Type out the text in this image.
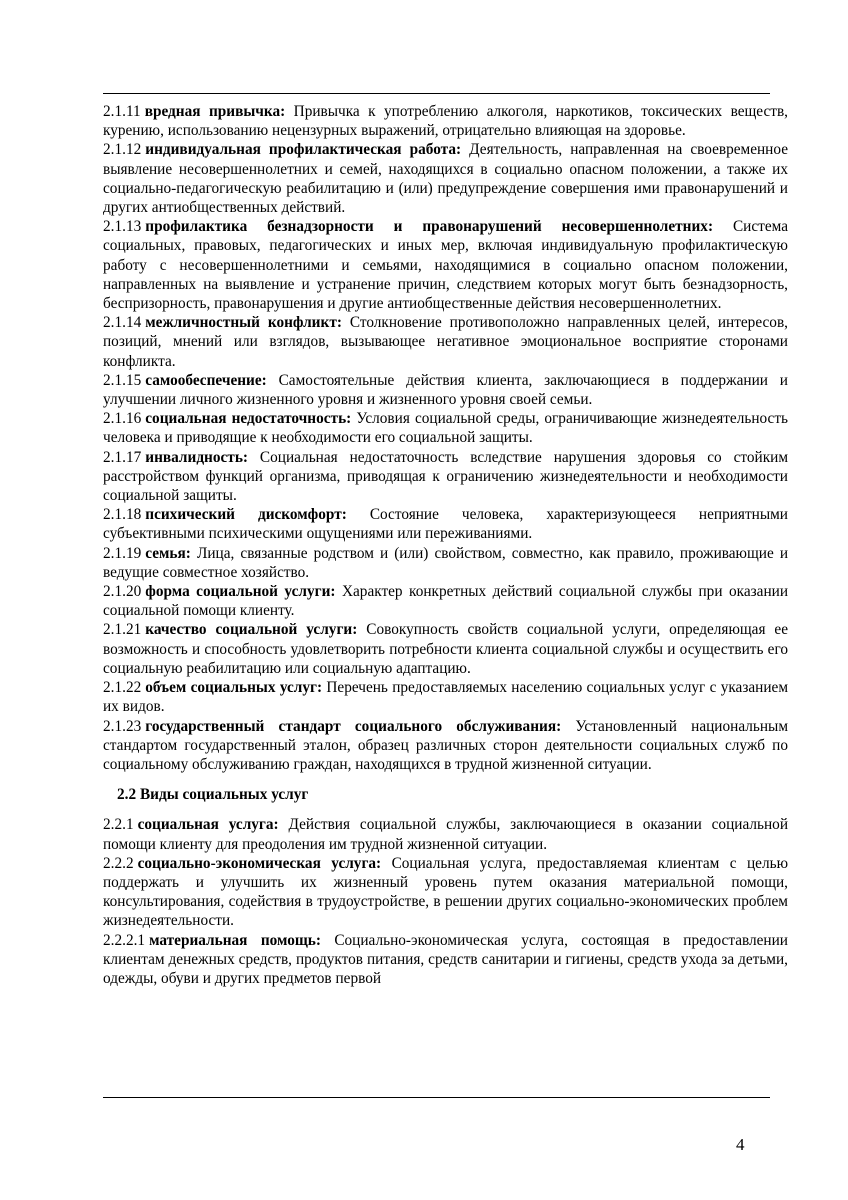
2.1.11 вредная привычка: Привычка к употреблению алкоголя, наркотиков, токсических веществ, курению, использованию нецензурных выражений, отрицательно влияющая на здоровье.
2.1.12 индивидуальная профилактическая работа: Деятельность, направленная на своевременное выявление несовершеннолетних и семей, находящихся в социально опасном положении, а также их социально-педагогическую реабилитацию и (или) предупреждение совершения ими правонарушений и других антиобщественных действий.
2.1.13 профилактика безнадзорности и правонарушений несовершеннолетних: Система социальных, правовых, педагогических и иных мер, включая индивидуальную профилактическую работу с несовершеннолетними и семьями, находящимися в социально опасном положении, направленных на выявление и устранение причин, следствием которых могут быть безнадзорность, беспризорность, правонарушения и другие антиобщественные действия несовершеннолетних.
2.1.14 межличностный конфликт: Столкновение противоположно направленных целей, интересов, позиций, мнений или взглядов, вызывающее негативное эмоциональное восприятие сторонами конфликта.
2.1.15 самообеспечение: Самостоятельные действия клиента, заключающиеся в поддержании и улучшении личного жизненного уровня и жизненного уровня своей семьи.
2.1.16 социальная недостаточность: Условия социальной среды, ограничивающие жизнедеятельность человека и приводящие к необходимости его социальной защиты.
2.1.17 инвалидность: Социальная недостаточность вследствие нарушения здоровья со стойким расстройством функций организма, приводящая к ограничению жизнедеятельности и необходимости социальной защиты.
2.1.18 психический дискомфорт: Состояние человека, характеризующееся неприятными субъективными психическими ощущениями или переживаниями.
2.1.19 семья: Лица, связанные родством и (или) свойством, совместно, как правило, проживающие и ведущие совместное хозяйство.
2.1.20 форма социальной услуги: Характер конкретных действий социальной службы при оказании социальной помощи клиенту.
2.1.21 качество социальной услуги: Совокупность свойств социальной услуги, определяющая ее возможность и способность удовлетворить потребности клиента социальной службы и осуществить его социальную реабилитацию или социальную адаптацию.
2.1.22 объем социальных услуг: Перечень предоставляемых населению социальных услуг с указанием их видов.
2.1.23 государственный стандарт социального обслуживания: Установленный национальным стандартом государственный эталон, образец различных сторон деятельности социальных служб по социальному обслуживанию граждан, находящихся в трудной жизненной ситуации.
2.2 Виды социальных услуг
2.2.1 социальная услуга: Действия социальной службы, заключающиеся в оказании социальной помощи клиенту для преодоления им трудной жизненной ситуации.
2.2.2 социально-экономическая услуга: Социальная услуга, предоставляемая клиентам с целью поддержать и улучшить их жизненный уровень путем оказания материальной помощи, консультирования, содействия в трудоустройстве, в решении других социально-экономических проблем жизнедеятельности.
2.2.2.1 материальная помощь: Социально-экономическая услуга, состоящая в предоставлении клиентам денежных средств, продуктов питания, средств санитарии и гигиены, средств ухода за детьми, одежды, обуви и других предметов первой
4
